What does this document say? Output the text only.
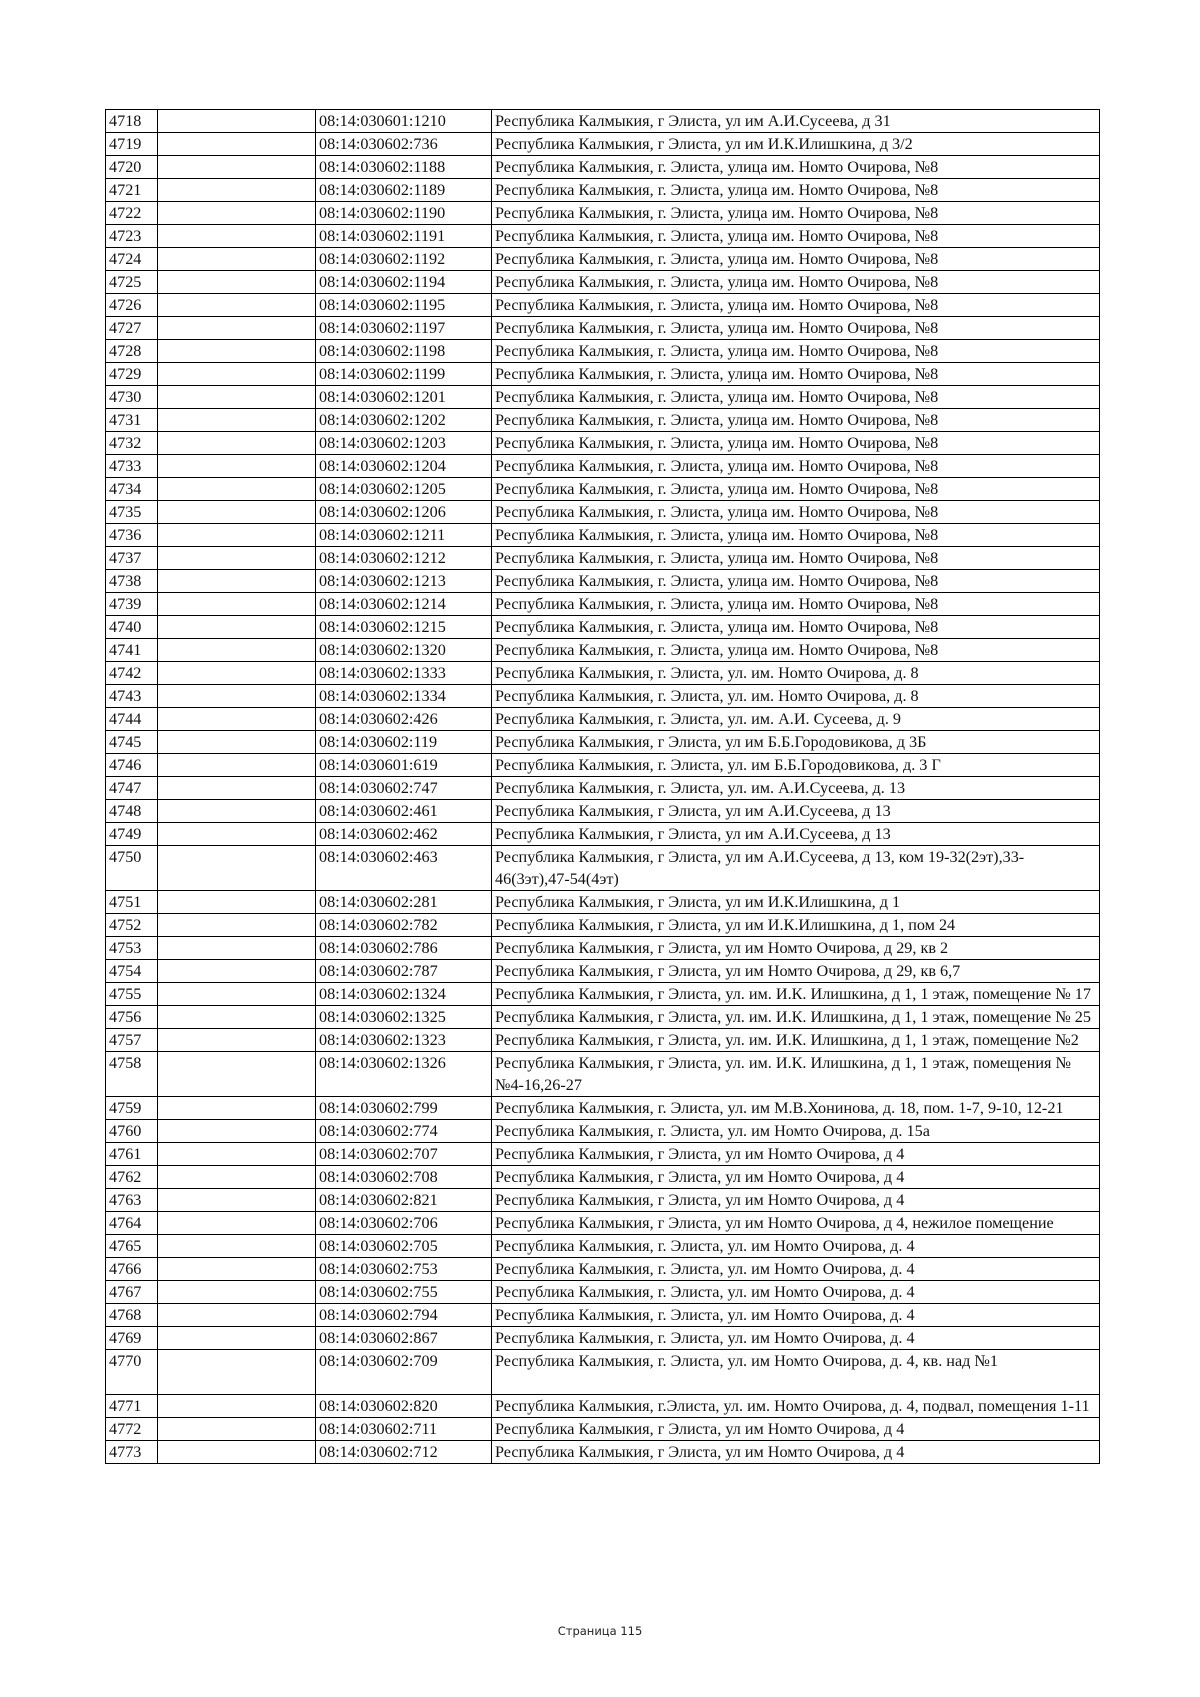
4718		08:14:030601:1210	Республика Калмыкия, г Элиста, ул им А.И.Сусеева, д 31
4719		08:14:030602:736	Республика Калмыкия, г Элиста, ул им И.К.Илишкина, д 3/2
4720		08:14:030602:1188	Республика Калмыкия, г. Элиста, улица им. Номто Очирова, №8
4721		08:14:030602:1189	Республика Калмыкия, г. Элиста, улица им. Номто Очирова, №8
4722		08:14:030602:1190	Республика Калмыкия, г. Элиста, улица им. Номто Очирова, №8
4723		08:14:030602:1191	Республика Калмыкия, г. Элиста, улица им. Номто Очирова, №8
4724		08:14:030602:1192	Республика Калмыкия, г. Элиста, улица им. Номто Очирова, №8
4725		08:14:030602:1194	Республика Калмыкия, г. Элиста, улица им. Номто Очирова, №8
4726		08:14:030602:1195	Республика Калмыкия, г. Элиста, улица им. Номто Очирова, №8
4727		08:14:030602:1197	Республика Калмыкия, г. Элиста, улица им. Номто Очирова, №8
4728		08:14:030602:1198	Республика Калмыкия, г. Элиста, улица им. Номто Очирова, №8
4729		08:14:030602:1199	Республика Калмыкия, г. Элиста, улица им. Номто Очирова, №8
4730		08:14:030602:1201	Республика Калмыкия, г. Элиста, улица им. Номто Очирова, №8
4731		08:14:030602:1202	Республика Калмыкия, г. Элиста, улица им. Номто Очирова, №8
4732		08:14:030602:1203	Республика Калмыкия, г. Элиста, улица им. Номто Очирова, №8
4733		08:14:030602:1204	Республика Калмыкия, г. Элиста, улица им. Номто Очирова, №8
4734		08:14:030602:1205	Республика Калмыкия, г. Элиста, улица им. Номто Очирова, №8
4735		08:14:030602:1206	Республика Калмыкия, г. Элиста, улица им. Номто Очирова, №8
4736		08:14:030602:1211	Республика Калмыкия, г. Элиста, улица им. Номто Очирова, №8
4737		08:14:030602:1212	Республика Калмыкия, г. Элиста, улица им. Номто Очирова, №8
4738		08:14:030602:1213	Республика Калмыкия, г. Элиста, улица им. Номто Очирова, №8
4739		08:14:030602:1214	Республика Калмыкия, г. Элиста, улица им. Номто Очирова, №8
4740		08:14:030602:1215	Республика Калмыкия, г. Элиста, улица им. Номто Очирова, №8
4741		08:14:030602:1320	Республика Калмыкия, г. Элиста, улица им. Номто Очирова, №8
4742		08:14:030602:1333	Республика Калмыкия, г. Элиста, ул. им. Номто Очирова, д. 8
4743		08:14:030602:1334	Республика Калмыкия, г. Элиста, ул. им. Номто Очирова, д. 8
4744		08:14:030602:426	Республика Калмыкия, г. Элиста, ул. им. А.И. Сусеева, д. 9
4745		08:14:030602:119	Республика Калмыкия, г Элиста, ул им Б.Б.Городовикова, д 3Б
4746		08:14:030601:619	Республика Калмыкия, г. Элиста, ул. им Б.Б.Городовикова, д. 3 Г
4747		08:14:030602:747	Республика Калмыкия, г. Элиста, ул. им. А.И.Сусеева, д. 13
4748		08:14:030602:461	Республика Калмыкия, г Элиста, ул им А.И.Сусеева, д 13
4749		08:14:030602:462	Республика Калмыкия, г Элиста, ул им А.И.Сусеева, д 13
4750		08:14:030602:463	Республика Калмыкия, г Элиста, ул им А.И.Сусеева, д 13, ком 19-32(2эт),33-46(3эт),47-54(4эт)
4751		08:14:030602:281	Республика Калмыкия, г Элиста, ул им И.К.Илишкина, д 1
4752		08:14:030602:782	Республика Калмыкия, г Элиста, ул им И.К.Илишкина, д 1, пом 24
4753		08:14:030602:786	Республика Калмыкия, г Элиста, ул им Номто Очирова, д 29, кв 2
4754		08:14:030602:787	Республика Калмыкия, г Элиста, ул им Номто Очирова, д 29, кв 6,7
4755		08:14:030602:1324	Республика Калмыкия, г Элиста, ул. им. И.К. Илишкина, д 1, 1 этаж, помещение № 17
4756		08:14:030602:1325	Республика Калмыкия, г Элиста, ул. им. И.К. Илишкина, д 1, 1 этаж, помещение № 25
4757		08:14:030602:1323	Республика Калмыкия, г Элиста, ул. им. И.К. Илишкина, д 1, 1 этаж, помещение №2
4758		08:14:030602:1326	Республика Калмыкия, г Элиста, ул. им. И.К. Илишкина, д 1, 1 этаж, помещения №№4-16,26-27
4759		08:14:030602:799	Республика Калмыкия, г. Элиста, ул. им М.В.Хонинова, д. 18, пом. 1-7, 9-10, 12-21
4760		08:14:030602:774	Республика Калмыкия, г. Элиста, ул. им Номто Очирова, д. 15а
4761		08:14:030602:707	Республика Калмыкия, г Элиста, ул им Номто Очирова, д 4
4762		08:14:030602:708	Республика Калмыкия, г Элиста, ул им Номто Очирова, д 4
4763		08:14:030602:821	Республика Калмыкия, г Элиста, ул им Номто Очирова, д 4
4764		08:14:030602:706	Республика Калмыкия, г Элиста, ул им Номто Очирова, д 4, нежилое помещение
4765		08:14:030602:705	Республика Калмыкия, г. Элиста, ул. им Номто Очирова, д. 4
4766		08:14:030602:753	Республика Калмыкия, г. Элиста, ул. им Номто Очирова, д. 4
4767		08:14:030602:755	Республика Калмыкия, г. Элиста, ул. им Номто Очирова, д. 4
4768		08:14:030602:794	Республика Калмыкия, г. Элиста, ул. им Номто Очирова, д. 4
4769		08:14:030602:867	Республика Калмыкия, г. Элиста, ул. им Номто Очирова, д. 4
4770		08:14:030602:709	Республика Калмыкия, г. Элиста, ул. им Номто Очирова, д. 4, кв. над №1
4771		08:14:030602:820	Республика Калмыкия, г.Элиста, ул. им. Номто Очирова, д. 4, подвал, помещения 1-11
4772		08:14:030602:711	Республика Калмыкия, г Элиста, ул им Номто Очирова, д 4
4773		08:14:030602:712	Республика Калмыкия, г Элиста, ул им Номто Очирова, д 4
Страница 115
